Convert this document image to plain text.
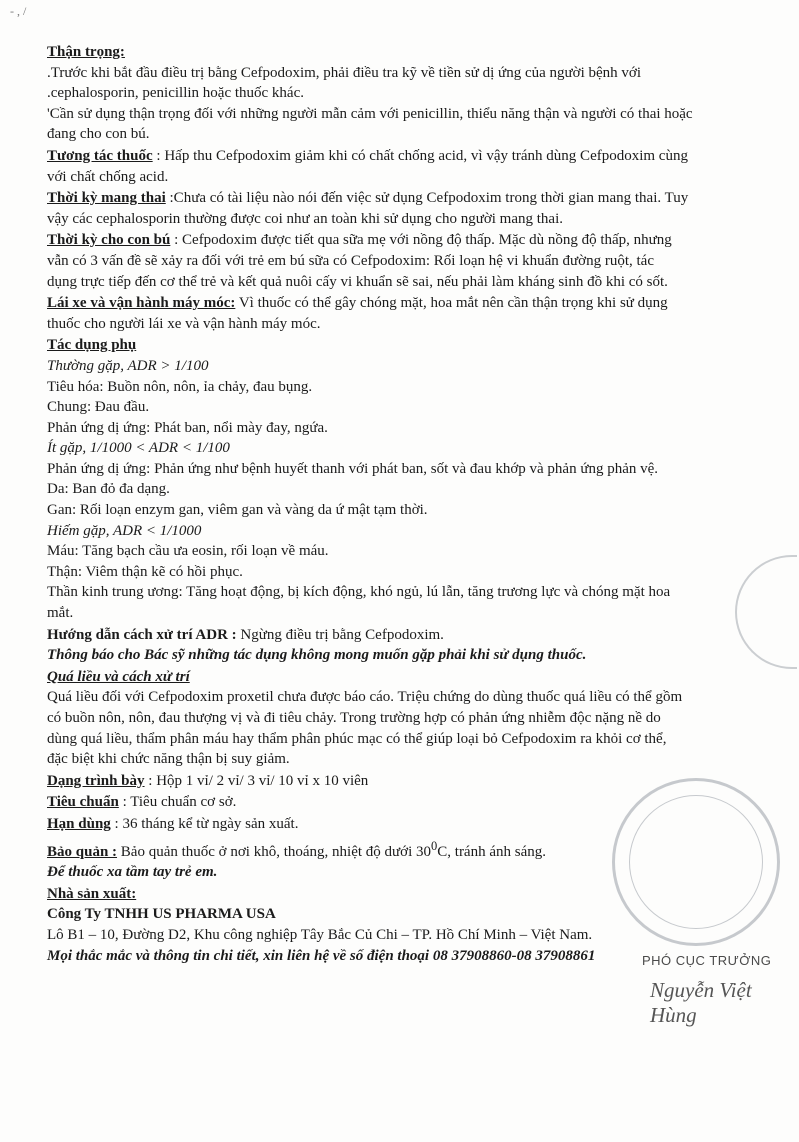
- , /

Thận trọng:

.Trước khi bắt đầu điều trị bằng Cefpodoxim, phải điều tra kỹ về tiền sử dị ứng của người bệnh với

.cephalosporin, penicillin hoặc thuốc khác.

'Cần sử dụng thận trọng đối với những người mẫn cảm với penicillin, thiểu năng thận và người có thai hoặc

đang cho con bú.

Tương tác thuốc : Hấp thu Cefpodoxim giảm khi có chất chống acid, vì vậy tránh dùng Cefpodoxim cùng

với chất chống acid.

Thời kỳ mang thai :Chưa có tài liệu nào nói đến việc sử dụng Cefpodoxim trong thời gian mang thai. Tuy

vậy các cephalosporin thường được coi như an toàn khi sử dụng cho người mang thai.

Thời kỳ cho con bú : Cefpodoxim được tiết qua sữa mẹ với nồng độ thấp. Mặc dù nồng độ thấp, nhưng

vẫn có 3 vấn đề sẽ xảy ra đối với trẻ em bú sữa có Cefpodoxim: Rối loạn hệ vi khuẩn đường ruột, tác

dụng trực tiếp đến cơ thể trẻ và kết quả nuôi cấy vi khuẩn sẽ sai, nếu phải làm kháng sinh đồ khi có sốt.

Lái xe và vận hành máy móc: Vì thuốc có thể gây chóng mặt, hoa mắt nên cần thận trọng khi sử dụng

thuốc cho người lái xe và vận hành máy móc.

Tác dụng phụ

Thường gặp, ADR > 1/100

Tiêu hóa: Buồn nôn, nôn, ỉa chảy, đau bụng.

Chung: Đau đầu.

Phản ứng dị ứng: Phát ban, nổi mày đay, ngứa.

Ít gặp, 1/1000 < ADR < 1/100

Phản ứng dị ứng: Phản ứng như bệnh huyết thanh với phát ban, sốt và đau khớp và phản ứng phản vệ.

Da: Ban đỏ đa dạng.

Gan: Rối loạn enzym gan, viêm gan và vàng da ứ mật tạm thời.

Hiếm gặp, ADR < 1/1000

Máu: Tăng bạch cầu ưa eosin, rối loạn về máu.

Thận: Viêm thận kẽ có hồi phục.

Thần kinh trung ương: Tăng hoạt động, bị kích động, khó ngủ, lú lẫn, tăng trương lực và chóng mặt hoa

mắt.

Hướng dẫn cách xử trí ADR : Ngừng điều trị bằng Cefpodoxim.

Thông báo cho Bác sỹ những tác dụng không mong muốn gặp phải khi sử dụng thuốc.

Quá liều và cách xử trí

Quá liều đối với Cefpodoxim proxetil chưa được báo cáo. Triệu chứng do dùng thuốc quá liều có thể gồm

có buồn nôn, nôn, đau thượng vị và đi tiêu chảy. Trong trường hợp có phản ứng nhiễm độc nặng nề do

dùng quá liều, thẩm phân máu hay thẩm phân phúc mạc có thể giúp loại bỏ Cefpodoxim ra khỏi cơ thể,

đặc biệt khi chức năng thận bị suy giảm.

Dạng trình bày : Hộp 1 vỉ/ 2 vỉ/ 3 vỉ/ 10 vỉ x 10 viên

Tiêu chuẩn : Tiêu chuẩn cơ sở.

Hạn dùng : 36 tháng kể từ ngày sản xuất.

Bảo quản : Bảo quản thuốc ở nơi khô, thoáng, nhiệt độ dưới $30^0C$, tránh ánh sáng.

Để thuốc xa tầm tay trẻ em.

Nhà sản xuất:

Công Ty TNHH US PHARMA USA

Lô B1 – 10, Đường D2, Khu công nghiệp Tây Bắc Củ Chi – TP. Hồ Chí Minh – Việt Nam.

Mọi thắc mắc và thông tin chi tiết, xin liên hệ về số điện thoại 08 37908860-08 37908861	PHÓ CỤC TRƯỞNG
Nguyễn Việt Hùng
